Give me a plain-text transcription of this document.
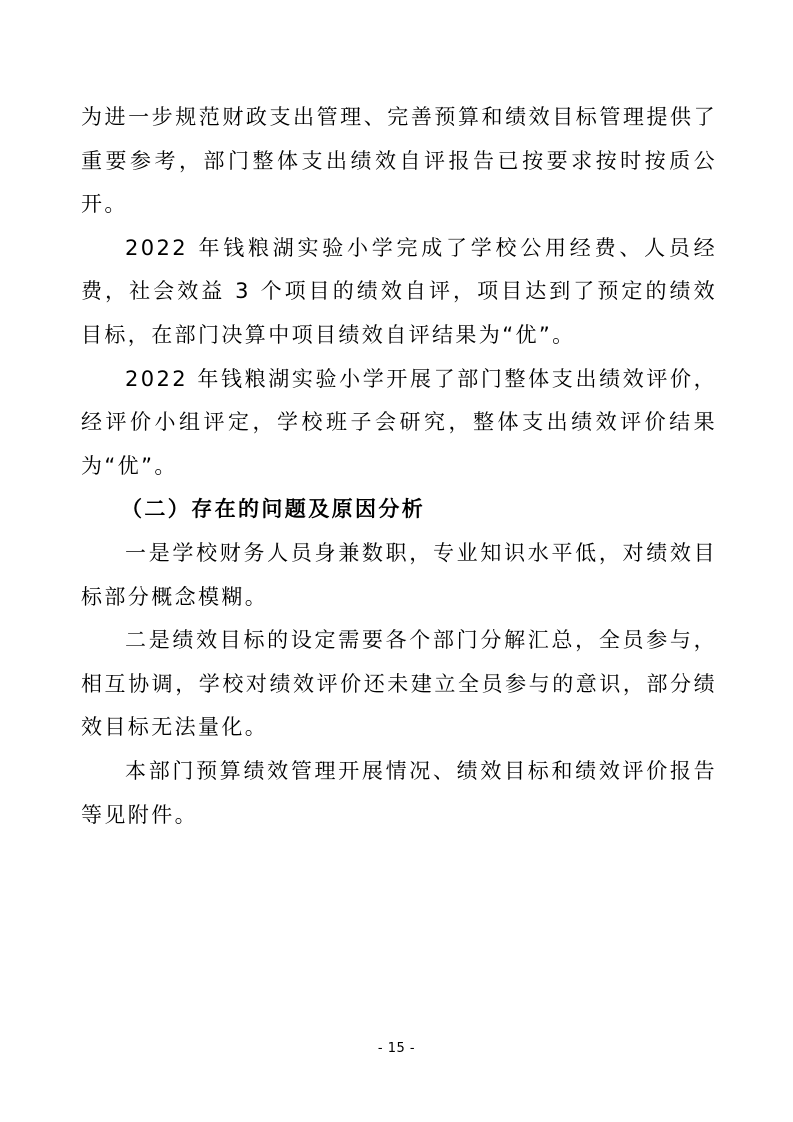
为进一步规范财政支出管理、完善预算和绩效目标管理提供了重要参考，部门整体支出绩效自评报告已按要求按时按质公开。

2022 年钱粮湖实验小学完成了学校公用经费、人员经费，社会效益 3 个项目的绩效自评，项目达到了预定的绩效目标，在部门决算中项目绩效自评结果为“优”。

2022 年钱粮湖实验小学开展了部门整体支出绩效评价，经评价小组评定，学校班子会研究，整体支出绩效评价结果为“优”。

（二）存在的问题及原因分析

一是学校财务人员身兼数职，专业知识水平低，对绩效目标部分概念模糊。

二是绩效目标的设定需要各个部门分解汇总，全员参与，相互协调，学校对绩效评价还未建立全员参与的意识，部分绩效目标无法量化。

本部门预算绩效管理开展情况、绩效目标和绩效评价报告等见附件。

- 15 -
